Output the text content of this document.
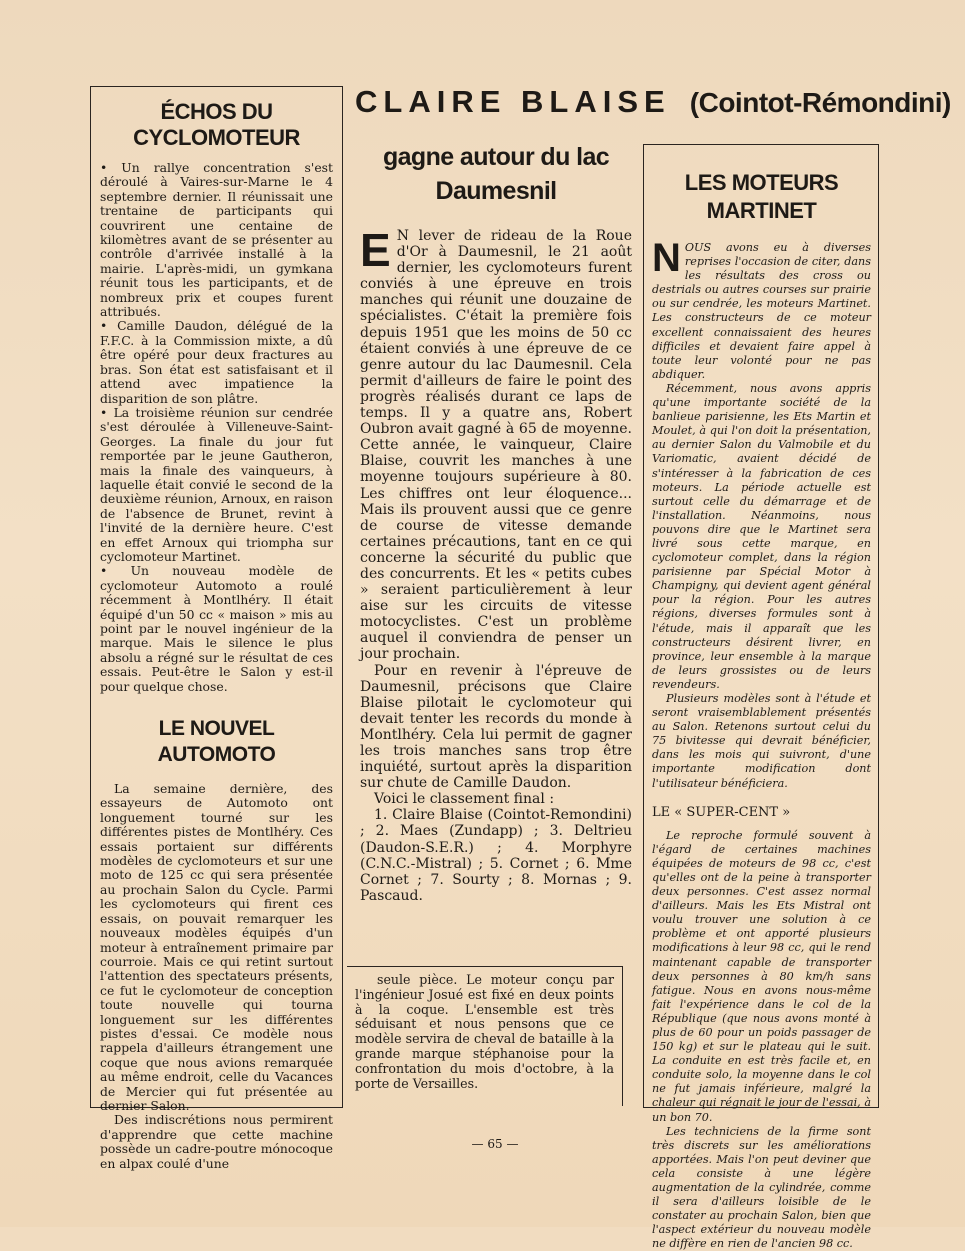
ÉCHOS DU CYCLOMOTEUR

• Un rallye concentration s'est déroulé à Vaires-sur-Marne le 4 septembre dernier. Il réunissait une trentaine de participants qui couvrirent une centaine de kilomètres avant de se présenter au contrôle d'arrivée installé à la mairie. L'après-midi, un gymkana réunit tous les participants, et de nombreux prix et coupes furent attribués.

• Camille Daudon, délégué de la F.F.C. à la Commission mixte, a dû être opéré pour deux fractures au bras. Son état est satisfaisant et il attend avec impatience la disparition de son plâtre.

• La troisième réunion sur cendrée s'est déroulée à Villeneuve-Saint-Georges. La finale du jour fut remportée par le jeune Gautheron, mais la finale des vainqueurs, à laquelle était convié le second de la deuxième réunion, Arnoux, en raison de l'absence de Brunet, revint à l'invité de la dernière heure. C'est en effet Arnoux qui triompha sur cyclomoteur Martinet.

• Un nouveau modèle de cyclomoteur Automoto a roulé récemment à Montlhéry. Il était équipé d'un 50 cc « maison » mis au point par le nouvel ingénieur de la marque. Mais le silence le plus absolu a régné sur le résultat de ces essais. Peut-être le Salon y est-il pour quelque chose.

LE NOUVEL AUTOMOTO

La semaine dernière, des essayeurs de Automoto ont longuement tourné sur les différentes pistes de Montlhéry. Ces essais portaient sur différents modèles de cyclomoteurs et sur une moto de 125 cc qui sera présentée au prochain Salon du Cycle. Parmi les cyclomoteurs qui firent ces essais, on pouvait remarquer les nouveaux modèles équipés d'un moteur à entraînement primaire par courroie. Mais ce qui retint surtout l'attention des spectateurs présents, ce fut le cyclomoteur de conception toute nouvelle qui tourna longuement sur les différentes pistes d'essai. Ce modèle nous rappela d'ailleurs étrangement une coque que nous avions remarquée au même endroit, celle du Vacances de Mercier qui fut présentée au dernier Salon.

Des indiscrétions nous permirent d'apprendre que cette machine possède un cadre-poutre mónocoque en alpax coulé d'une

CLAIRE BLAISE (Cointot-Rémondini)
gagne autour du lac Daumesnil

E N lever de rideau de la Roue d'Or à Daumesnil, le 21 août dernier, les cyclomoteurs furent conviés à une épreuve en trois manches qui réunit une douzaine de spécialistes. C'était la première fois depuis 1951 que les moins de 50 cc étaient conviés à une épreuve de ce genre autour du lac Daumesnil. Cela permit d'ailleurs de faire le point des progrès réalisés durant ce laps de temps. Il y a quatre ans, Robert Oubron avait gagné à 65 de moyenne. Cette année, le vainqueur, Claire Blaise, couvrit les manches à une moyenne toujours supérieure à 80. Les chiffres ont leur éloquence... Mais ils prouvent aussi que ce genre de course de vitesse demande certaines précautions, tant en ce qui concerne la sécurité du public que des concurrents. Et les « petits cubes » seraient particulièrement à leur aise sur les circuits de vitesse motocyclistes. C'est un problème auquel il conviendra de penser un jour prochain.

Pour en revenir à l'épreuve de Daumesnil, précisons que Claire Blaise pilotait le cyclomoteur qui devait tenter les records du monde à Montlhéry. Cela lui permit de gagner les trois manches sans trop être inquiété, surtout après la disparition sur chute de Camille Daudon.

Voici le classement final :

1. Claire Blaise (Cointot-Remondini) ; 2. Maes (Zundapp) ; 3. Deltrieu (Daudon-S.E.R.) ; 4. Morphyre (C.N.C.-Mistral) ; 5. Cornet ; 6. Mme Cornet ; 7. Sourty ; 8. Mornas ; 9. Pascaud.

seule pièce. Le moteur conçu par l'ingénieur Josué est fixé en deux points à la coque. L'ensemble est très séduisant et nous pensons que ce modèle servira de cheval de bataille à la grande marque stéphanoise pour la confrontation du mois d'octobre, à la porte de Versailles.

LES MOTEURS MARTINET

NOUS avons eu à diverses reprises l'occasion de citer, dans les résultats des cross ou destrials ou autres courses sur prairie ou sur cendrée, les moteurs Martinet. Les constructeurs de ce moteur excellent connaissaient des heures difficiles et devaient faire appel à toute leur volonté pour ne pas abdiquer.

Récemment, nous avons appris qu'une importante société de la banlieue parisienne, les Ets Martin et Moulet, à qui l'on doit la présentation, au dernier Salon du Valmobile et du Variomatic, avaient décidé de s'intéresser à la fabrication de ces moteurs. La période actuelle est surtout celle du démarrage et de l'installation. Néanmoins, nous pouvons dire que le Martinet sera livré sous cette marque, en cyclomoteur complet, dans la région parisienne par Spécial Motor à Champigny, qui devient agent général pour la région. Pour les autres régions, diverses formules sont à l'étude, mais il apparaît que les constructeurs désirent livrer, en province, leur ensemble à la marque de leurs grossistes ou de leurs revendeurs.

Plusieurs modèles sont à l'étude et seront vraisemblablement présentés au Salon. Retenons surtout celui du 75 bivitesse qui devrait bénéficier, dans les mois qui suivront, d'une importante modification dont l'utilisateur bénéficiera.

LE « SUPER-CENT »

Le reproche formulé souvent à l'égard de certaines machines équipées de moteurs de 98 cc, c'est qu'elles ont de la peine à transporter deux personnes. C'est assez normal d'ailleurs. Mais les Ets Mistral ont voulu trouver une solution à ce problème et ont apporté plusieurs modifications à leur 98 cc, qui le rend maintenant capable de transporter deux personnes à 80 km/h sans fatigue. Nous en avons nous-même fait l'expérience dans le col de la République (que nous avons monté à plus de 60 pour un poids passager de 150 kg) et sur le plateau qui le suit. La conduite en est très facile et, en conduite solo, la moyenne dans le col ne fut jamais inférieure, malgré la chaleur qui régnait le jour de l'essai, à un bon 70.

Les techniciens de la firme sont très discrets sur les améliorations apportées. Mais l'on peut deviner que cela consiste à une légère augmentation de la cylindrée, comme il sera d'ailleurs loisible de le constater au prochain Salon, bien que l'aspect extérieur du nouveau modèle ne diffère en rien de l'ancien 98 cc.

— 65 —
